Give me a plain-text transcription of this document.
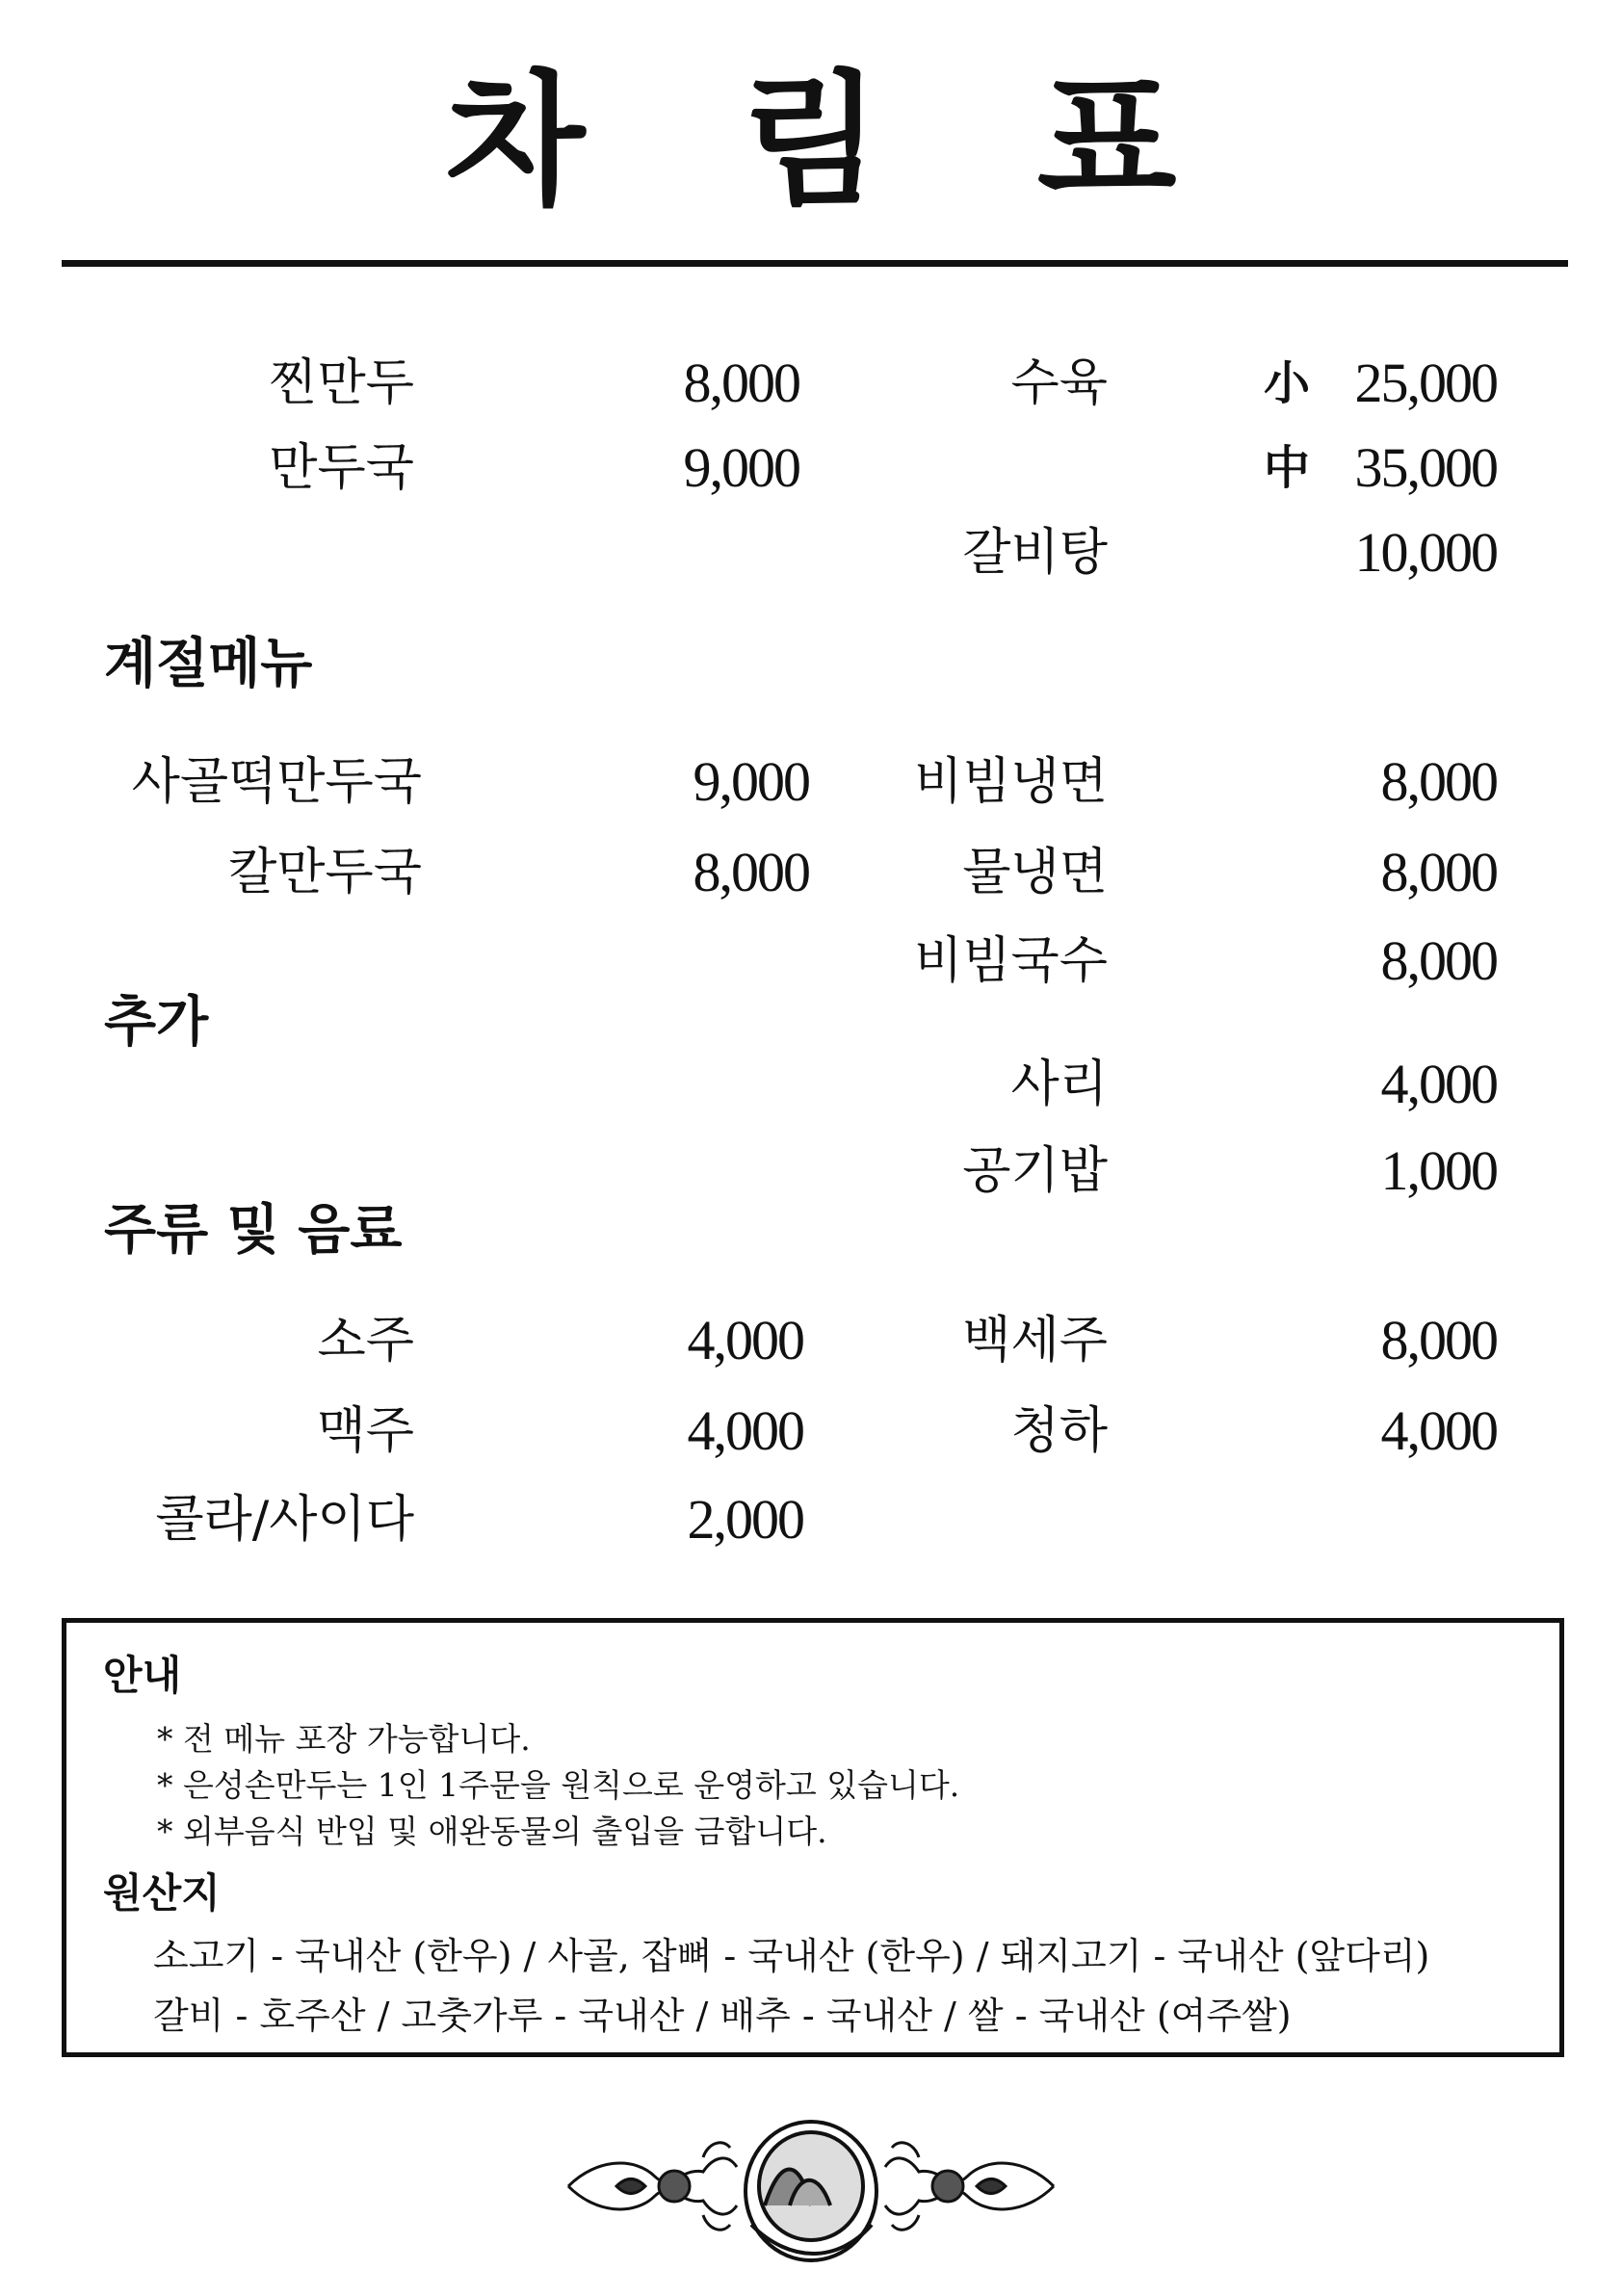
차 림 표
찐만두	8,000
만두국	9,000
수육	小 25,000
中 35,000
갈비탕	10,000
계절메뉴
사골떡만두국	9,000
칼만두국	8,000
비빔냉면	8,000
물냉면	8,000
비빔국수	8,000
추가
사리	4,000
공기밥	1,000
주류 및 음료
소주	4,000
맥주	4,000
콜라/사이다	2,000
백세주	8,000
청하	4,000
안내
* 전 메뉴 포장 가능합니다.
* 은성손만두는 1인 1주문을 원칙으로 운영하고 있습니다.
* 외부음식 반입 및 애완동물의 출입을 금합니다.
원산지
소고기 - 국내산 (한우) / 사골, 잡뼈 - 국내산 (한우) / 돼지고기 - 국내산 (앞다리)
갈비 - 호주산 / 고춧가루 - 국내산 / 배추 - 국내산 / 쌀 - 국내산 (여주쌀)
